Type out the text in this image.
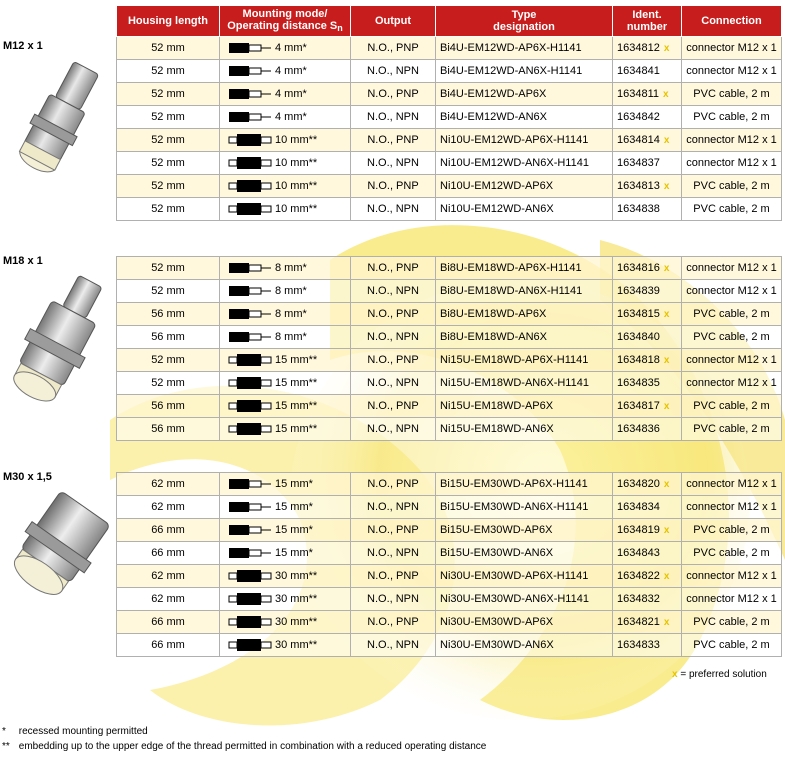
M12 x 1
M18 x 1
M30 x 1,5
Housing length	Mounting mode/
Operating distance Sn	Output	Type
designation	Ident.
number	Connection
52 mm	4 mm*	N.O., PNP	Bi4U-EM12WD-AP6X-H1141	1634812 x	connector M12 x 1
52 mm	4 mm*	N.O., NPN	Bi4U-EM12WD-AN6X-H1141	1634841	connector M12 x 1
52 mm	4 mm*	N.O., PNP	Bi4U-EM12WD-AP6X	1634811 x	PVC cable, 2 m
52 mm	4 mm*	N.O., NPN	Bi4U-EM12WD-AN6X	1634842	PVC cable, 2 m
52 mm	10 mm**	N.O., PNP	Ni10U-EM12WD-AP6X-H1141	1634814 x	connector M12 x 1
52 mm	10 mm**	N.O., NPN	Ni10U-EM12WD-AN6X-H1141	1634837	connector M12 x 1
52 mm	10 mm**	N.O., PNP	Ni10U-EM12WD-AP6X	1634813 x	PVC cable, 2 m
52 mm	10 mm**	N.O., NPN	Ni10U-EM12WD-AN6X	1634838	PVC cable, 2 m
52 mm	8 mm*	N.O., PNP	Bi8U-EM18WD-AP6X-H1141	1634816 x	connector M12 x 1
52 mm	8 mm*	N.O., NPN	Bi8U-EM18WD-AN6X-H1141	1634839	connector M12 x 1
56 mm	8 mm*	N.O., PNP	Bi8U-EM18WD-AP6X	1634815 x	PVC cable, 2 m
56 mm	8 mm*	N.O., NPN	Bi8U-EM18WD-AN6X	1634840	PVC cable, 2 m
52 mm	15 mm**	N.O., PNP	Ni15U-EM18WD-AP6X-H1141	1634818 x	connector M12 x 1
52 mm	15 mm**	N.O., NPN	Ni15U-EM18WD-AN6X-H1141	1634835	connector M12 x 1
56 mm	15 mm**	N.O., PNP	Ni15U-EM18WD-AP6X	1634817 x	PVC cable, 2 m
56 mm	15 mm**	N.O., NPN	Ni15U-EM18WD-AN6X	1634836	PVC cable, 2 m
62 mm	15 mm*	N.O., PNP	Bi15U-EM30WD-AP6X-H1141	1634820 x	connector M12 x 1
62 mm	15 mm*	N.O., NPN	Bi15U-EM30WD-AN6X-H1141	1634834	connector M12 x 1
66 mm	15 mm*	N.O., PNP	Bi15U-EM30WD-AP6X	1634819 x	PVC cable, 2 m
66 mm	15 mm*	N.O., NPN	Bi15U-EM30WD-AN6X	1634843	PVC cable, 2 m
62 mm	30 mm**	N.O., PNP	Ni30U-EM30WD-AP6X-H1141	1634822 x	connector M12 x 1
62 mm	30 mm**	N.O., NPN	Ni30U-EM30WD-AN6X-H1141	1634832	connector M12 x 1
66 mm	30 mm**	N.O., PNP	Ni30U-EM30WD-AP6X	1634821 x	PVC cable, 2 m
66 mm	30 mm**	N.O., NPN	Ni30U-EM30WD-AN6X	1634833	PVC cable, 2 m
x = preferred solution
* recessed mounting permitted
** embedding up to the upper edge of the thread permitted in combination with a reduced operating distance
